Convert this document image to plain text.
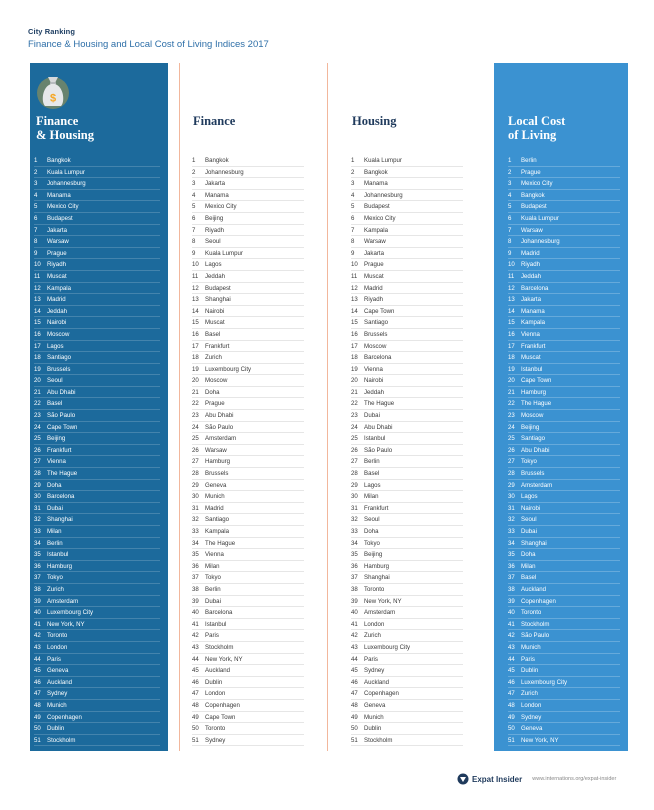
City Ranking
Finance & Housing and Local Cost of Living Indices 2017
$
Finance
& Housing
Finance	Housing	Local Cost
of Living
1 Bangkok
2 Kuala Lumpur
3 Johannesburg
4 Manama
5 Mexico City
6 Budapest
7 Jakarta
8 Warsaw
9 Prague
10 Riyadh
11 Muscat
12 Kampala
13 Madrid
14 Jeddah
15 Nairobi
16 Moscow
17 Lagos
18 Santiago
19 Brussels
20 Seoul
21 Abu Dhabi
22 Basel
23 São Paulo
24 Cape Town
25 Beijing
26 Frankfurt
27 Vienna
28 The Hague
29 Doha
30 Barcelona
31 Dubai
32 Shanghai
33 Milan
34 Berlin
35 Istanbul
36 Hamburg
37 Tokyo
38 Zurich
39 Amsterdam
40 Luxembourg City
41 New York, NY
42 Toronto
43 London
44 Paris
45 Geneva
46 Auckland
47 Sydney
48 Munich
49 Copenhagen
50 Dublin
51 Stockholm
1 Bangkok
2 Johannesburg
3 Jakarta
4 Manama
5 Mexico City
6 Beijing
7 Riyadh
8 Seoul
9 Kuala Lumpur
10 Lagos
11 Jeddah
12 Budapest
13 Shanghai
14 Nairobi
15 Muscat
16 Basel
17 Frankfurt
18 Zurich
19 Luxembourg City
20 Moscow
21 Doha
22 Prague
23 Abu Dhabi
24 São Paulo
25 Amsterdam
26 Warsaw
27 Hamburg
28 Brussels
29 Geneva
30 Munich
31 Madrid
32 Santiago
33 Kampala
34 The Hague
35 Vienna
36 Milan
37 Tokyo
38 Berlin
39 Dubai
40 Barcelona
41 Istanbul
42 Paris
43 Stockholm
44 New York, NY
45 Auckland
46 Dublin
47 London
48 Copenhagen
49 Cape Town
50 Toronto
51 Sydney
1 Kuala Lumpur
2 Bangkok
3 Manama
4 Johannesburg
5 Budapest
6 Mexico City
7 Kampala
8 Warsaw
9 Jakarta
10 Prague
11 Muscat
12 Madrid
13 Riyadh
14 Cape Town
15 Santiago
16 Brussels
17 Moscow
18 Barcelona
19 Vienna
20 Nairobi
21 Jeddah
22 The Hague
23 Dubai
24 Abu Dhabi
25 Istanbul
26 São Paulo
27 Berlin
28 Basel
29 Lagos
30 Milan
31 Frankfurt
32 Seoul
33 Doha
34 Tokyo
35 Beijing
36 Hamburg
37 Shanghai
38 Toronto
39 New York, NY
40 Amsterdam
41 London
42 Zurich
43 Luxembourg City
44 Paris
45 Sydney
46 Auckland
47 Copenhagen
48 Geneva
49 Munich
50 Dublin
51 Stockholm
1 Berlin
2 Prague
3 Mexico City
4 Bangkok
5 Budapest
6 Kuala Lumpur
7 Warsaw
8 Johannesburg
9 Madrid
10 Riyadh
11 Jeddah
12 Barcelona
13 Jakarta
14 Manama
15 Kampala
16 Vienna
17 Frankfurt
18 Muscat
19 Istanbul
20 Cape Town
21 Hamburg
22 The Hague
23 Moscow
24 Beijing
25 Santiago
26 Abu Dhabi
27 Tokyo
28 Brussels
29 Amsterdam
30 Lagos
31 Nairobi
32 Seoul
33 Dubai
34 Shanghai
35 Doha
36 Milan
37 Basel
38 Auckland
39 Copenhagen
40 Toronto
41 Stockholm
42 São Paulo
43 Munich
44 Paris
45 Dublin
46 Luxembourg City
47 Zurich
48 London
49 Sydney
50 Geneva
51 New York, NY
Expat Insider www.internations.org/expat-insider
